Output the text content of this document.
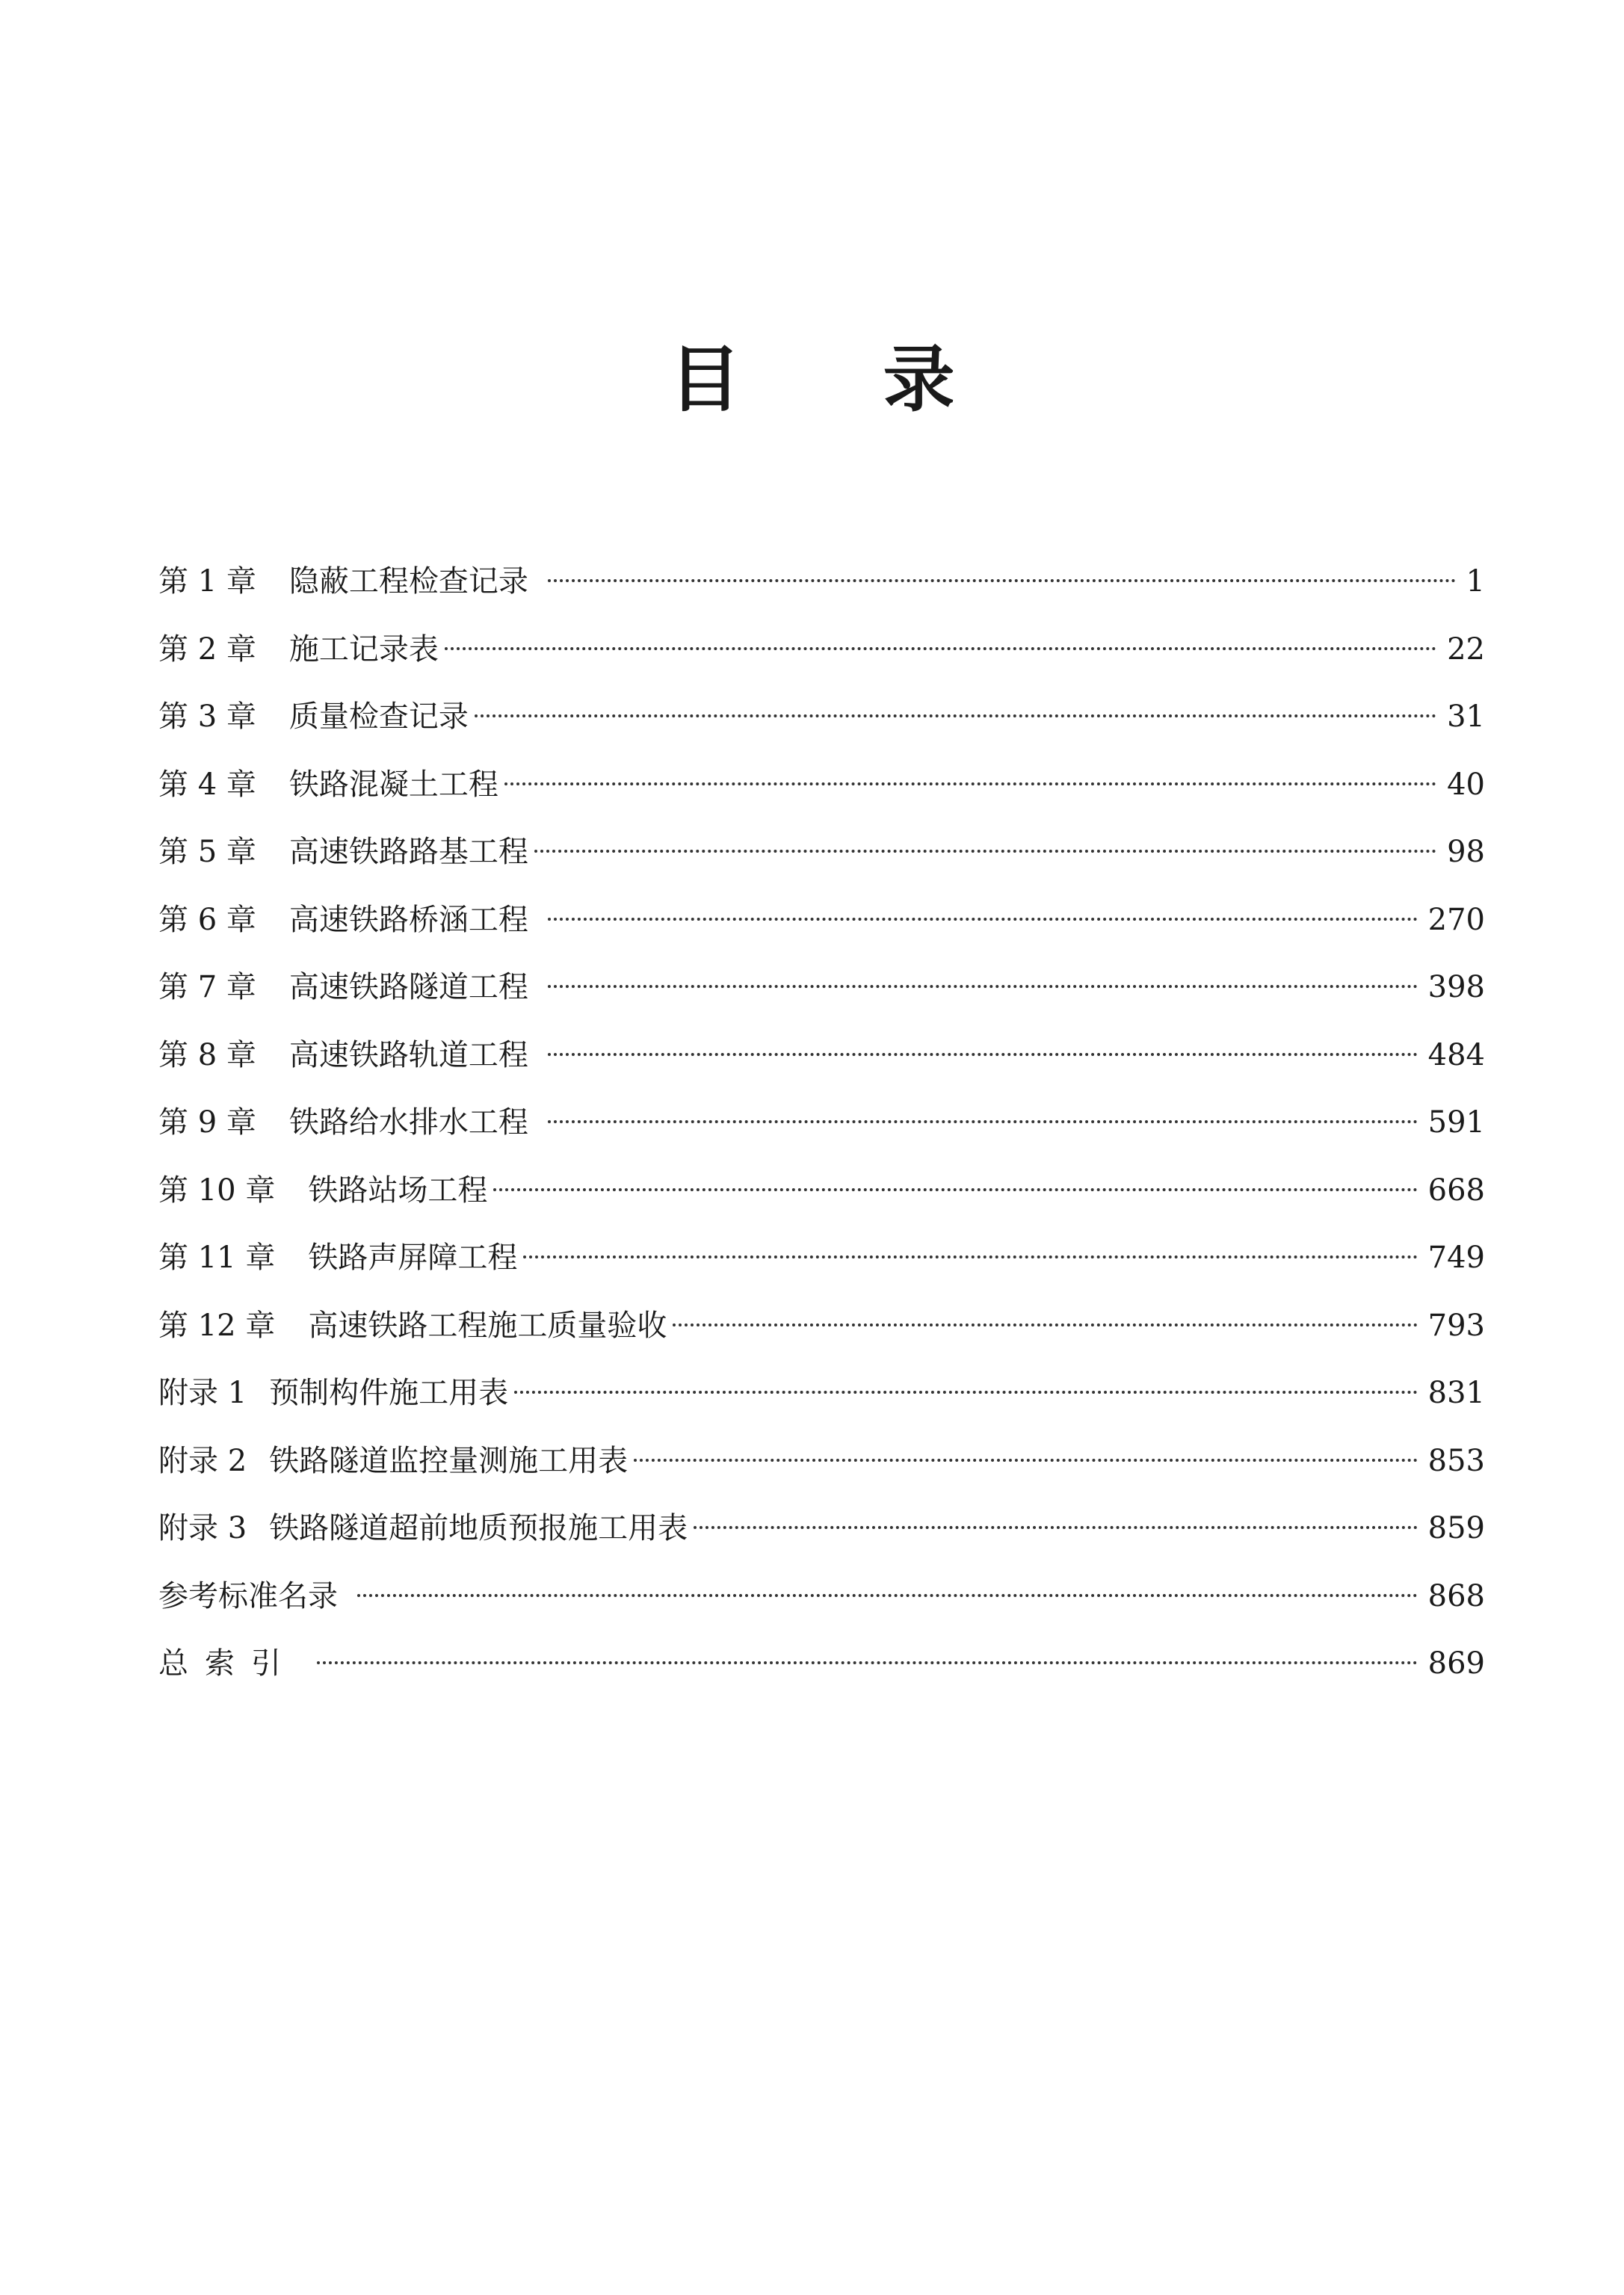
目 录
第 1 章 隐蔽工程检查记录	1
第 2 章 施工记录表	22
第 3 章 质量检查记录	31
第 4 章 铁路混凝土工程	40
第 5 章 高速铁路路基工程	98
第 6 章 高速铁路桥涵工程	270
第 7 章 高速铁路隧道工程	398
第 8 章 高速铁路轨道工程	484
第 9 章 铁路给水排水工程	591
第 10 章 铁路站场工程	668
第 11 章 铁路声屏障工程	749
第 12 章 高速铁路工程施工质量验收	793
附录 1 预制构件施工用表	831
附录 2 铁路隧道监控量测施工用表	853
附录 3 铁路隧道超前地质预报施工用表	859
参考标准名录	868
总索引	869
